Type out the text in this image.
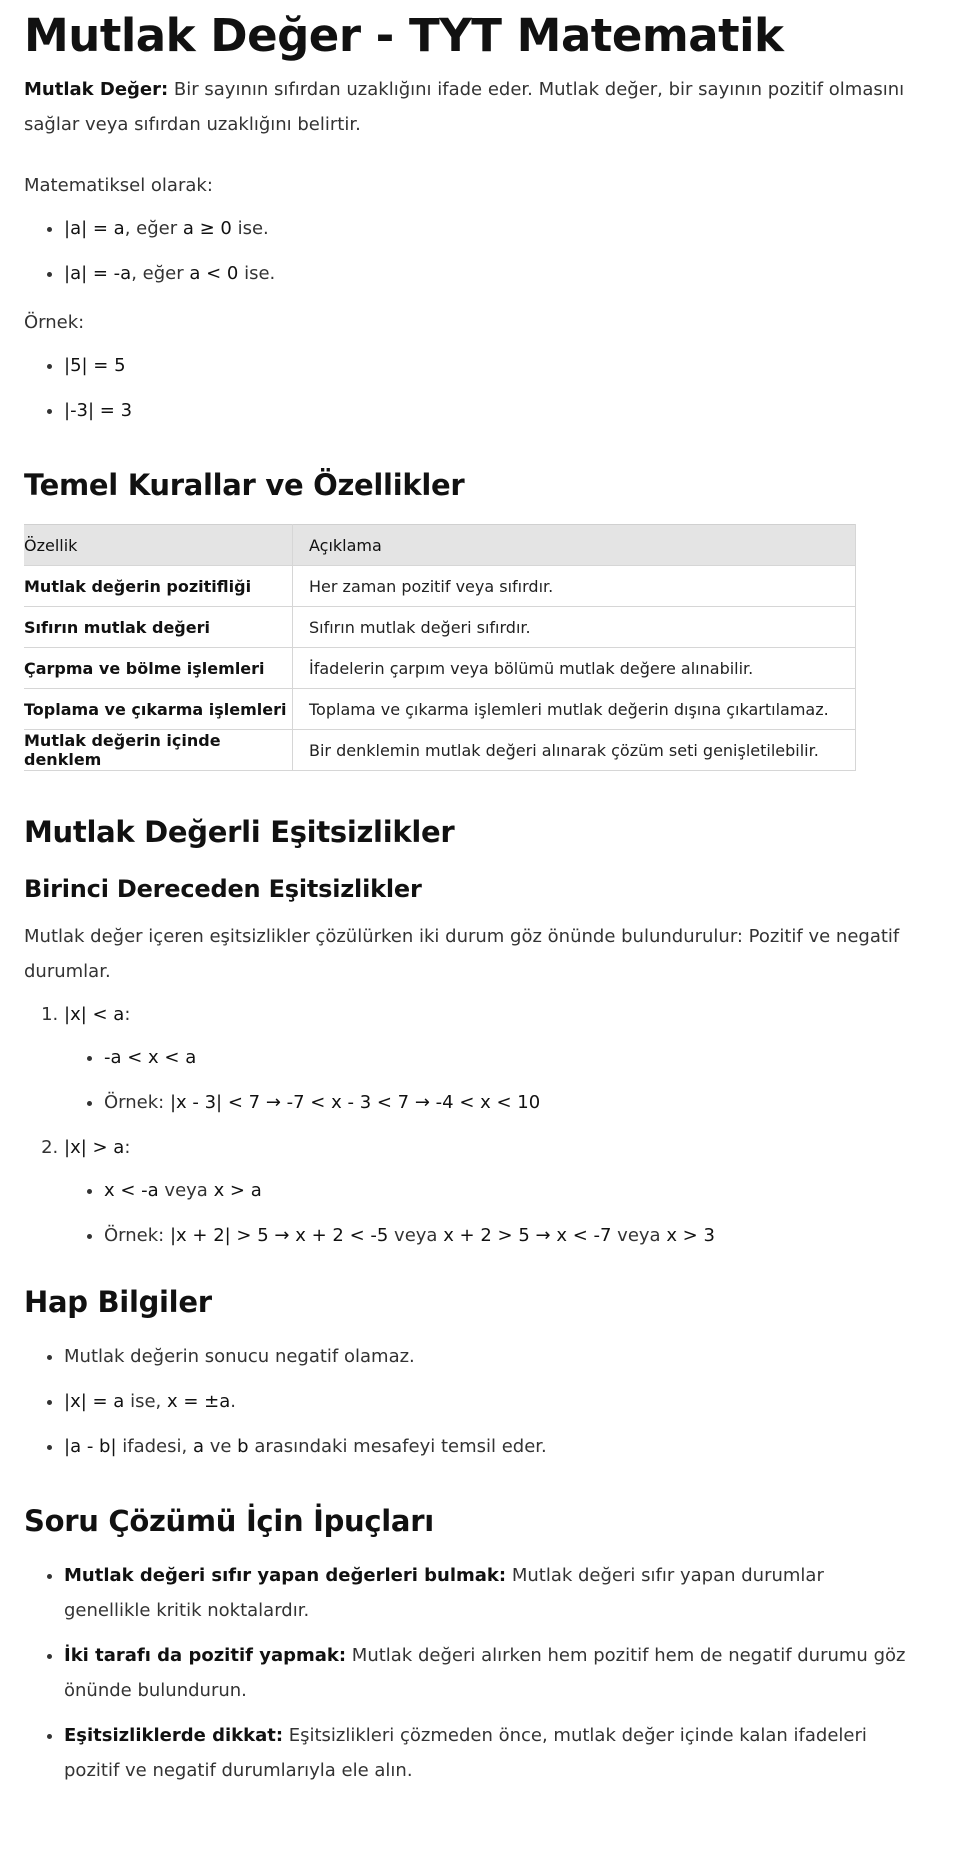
Mutlak Değer - TYT Matematik

Mutlak Değer: Bir sayının sıfırdan uzaklığını ifade eder. Mutlak değer, bir sayının pozitif olmasını sağlar veya sıfırdan uzaklığını belirtir.

Matematiksel olarak:

• |a| = a, eğer a ≥ 0 ise.
• |a| = -a, eğer a < 0 ise.

Örnek:

• |5| = 5
• |-3| = 3
Temel Kurallar ve Özellikler
Özellik	Açıklama
Mutlak değerin pozitifliği	Her zaman pozitif veya sıfırdır.
Sıfırın mutlak değeri	Sıfırın mutlak değeri sıfırdır.
Çarpma ve bölme işlemleri	İfadelerin çarpım veya bölümü mutlak değere alınabilir.
Toplama ve çıkarma işlemleri	Toplama ve çıkarma işlemleri mutlak değerin dışına çıkartılamaz.
Mutlak değerin içinde denklem	Bir denklemin mutlak değeri alınarak çözüm seti genişletilebilir.
Mutlak Değerli Eşitsizlikler
Birinci Dereceden Eşitsizlikler

Mutlak değer içeren eşitsizlikler çözülürken iki durum göz önünde bulundurulur: Pozitif ve negatif durumlar.

1. |x| < a:
• -a < x < a
• Örnek: |x - 3| < 7 → -7 < x - 3 < 7 → -4 < x < 10
2. |x| > a:
• x < -a veya x > a
• Örnek: |x + 2| > 5 → x + 2 < -5 veya x + 2 > 5 → x < -7 veya x > 3
Hap Bilgiler
• Mutlak değerin sonucu negatif olamaz.
• |x| = a ise, x = ±a.
• |a - b| ifadesi, a ve b arasındaki mesafeyi temsil eder.
Soru Çözümü İçin İpuçları
• Mutlak değeri sıfır yapan değerleri bulmak: Mutlak değeri sıfır yapan durumlar genellikle kritik noktalardır.
• İki tarafı da pozitif yapmak: Mutlak değeri alırken hem pozitif hem de negatif durumu göz önünde bulundurun.
• Eşitsizliklerde dikkat: Eşitsizlikleri çözmeden önce, mutlak değer içinde kalan ifadeleri pozitif ve negatif durumlarıyla ele alın.
